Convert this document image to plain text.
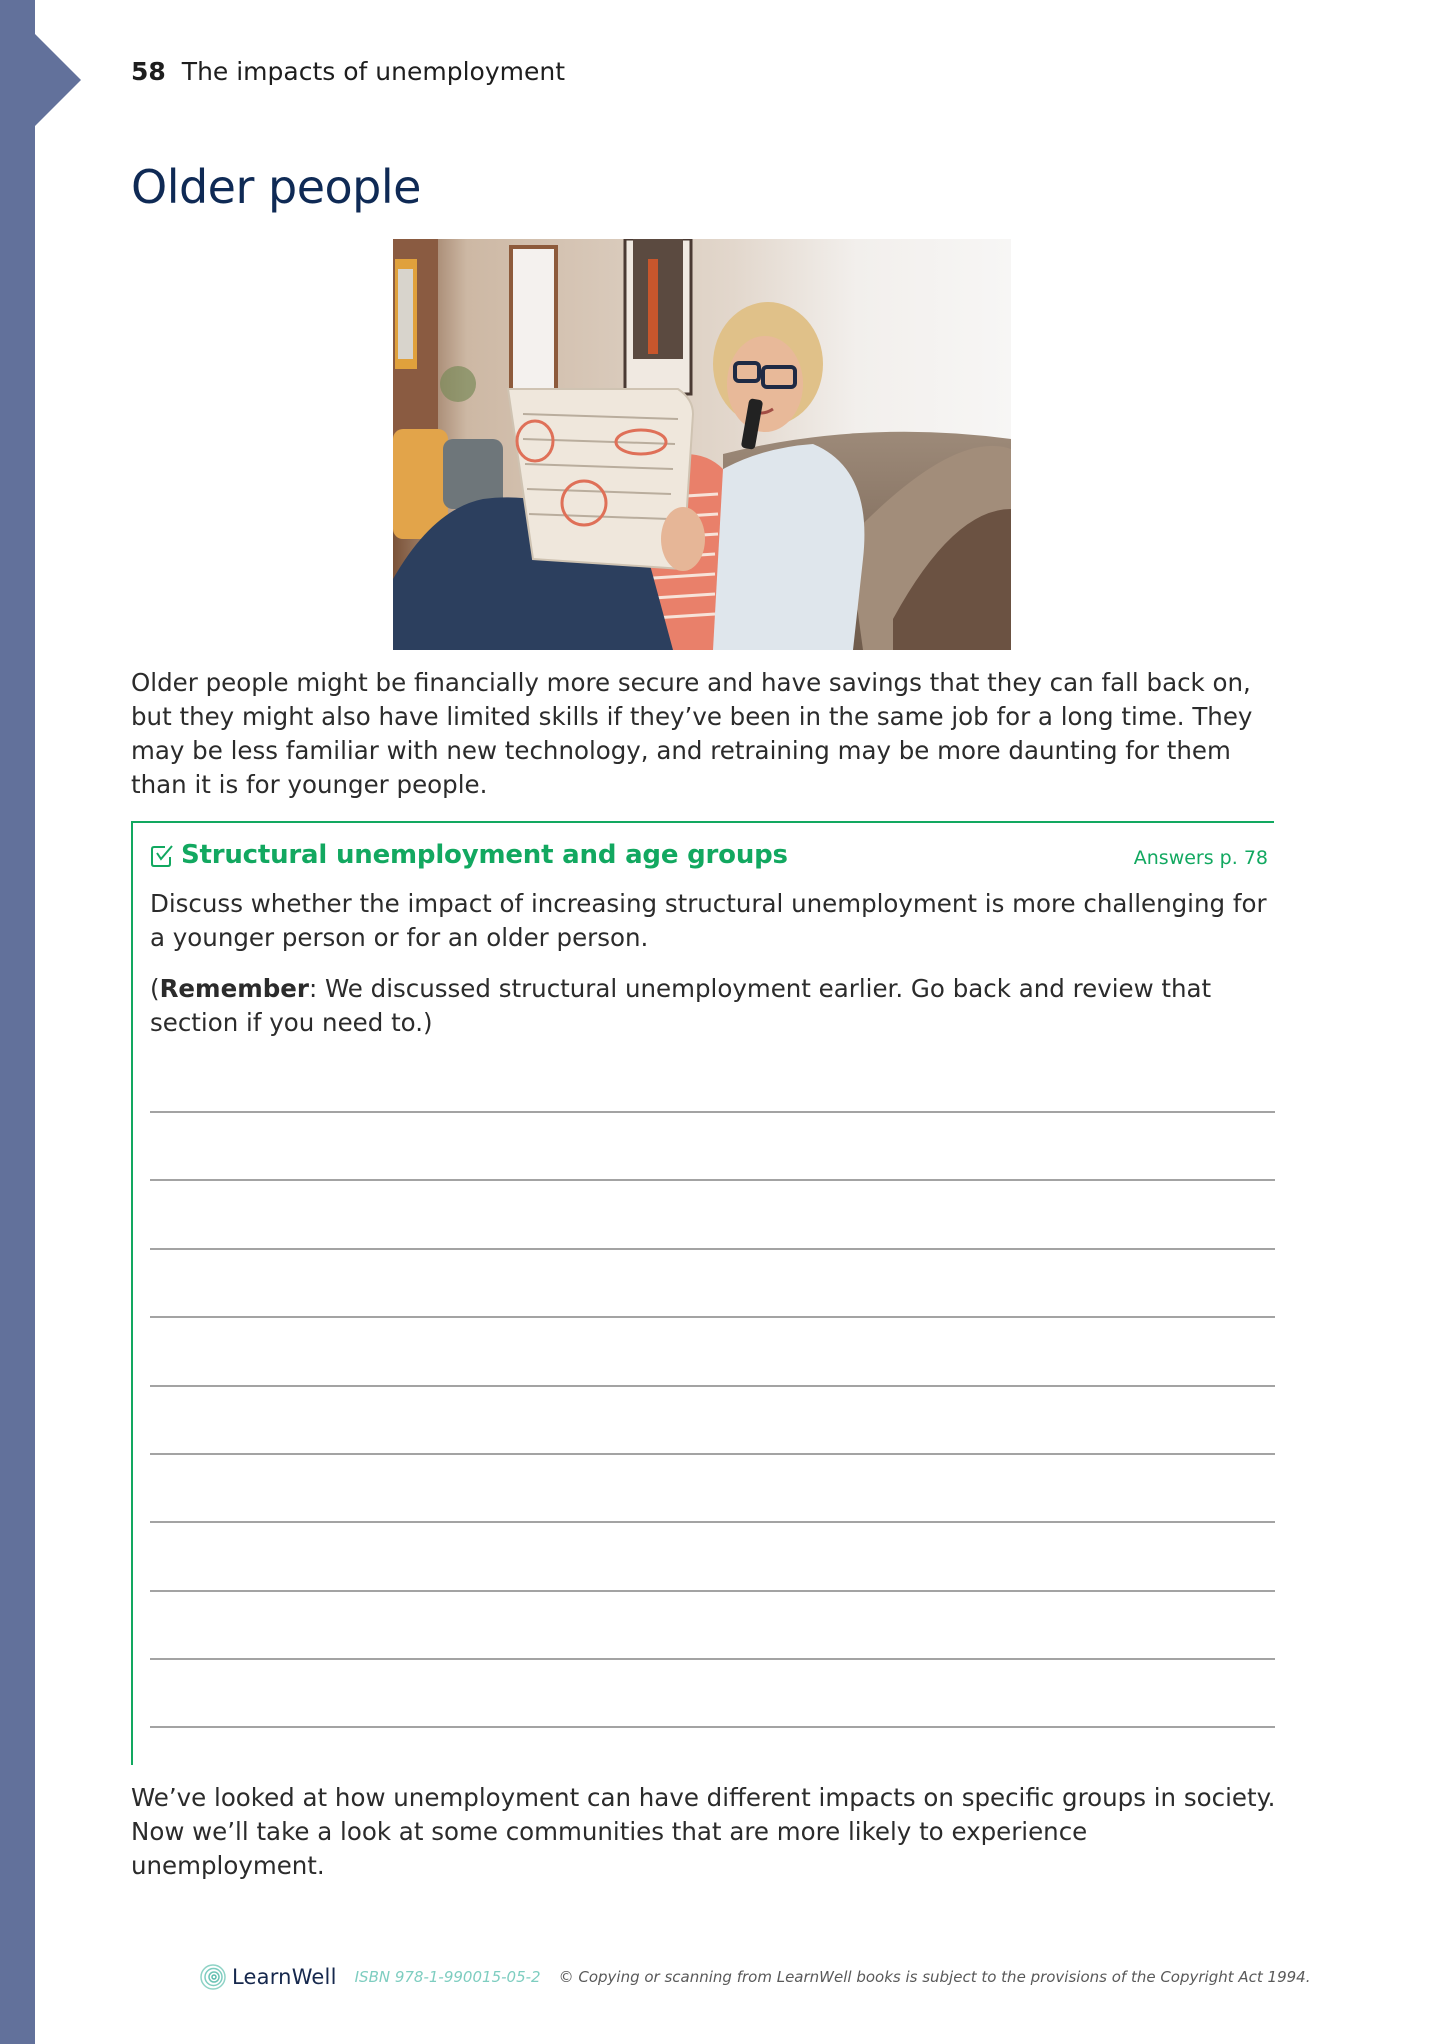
58 The impacts of unemployment
Older people

Older people might be financially more secure and have savings that they can fall back on, but they might also have limited skills if they’ve been in the same job for a long time. They may be less familiar with new technology, and retraining may be more daunting for them than it is for younger people.

Structural unemployment and age groups	Answers p. 78

Discuss whether the impact of increasing structural unemployment is more challenging for a younger person or for an older person.

(Remember: We discussed structural unemployment earlier. Go back and review that section if you need to.)

We’ve looked at how unemployment can have different impacts on specific groups in society. Now we’ll take a look at some communities that are more likely to experience unemployment.

LearnWell ISBN 978-1-990015-05-2 © Copying or scanning from LearnWell books is subject to the provisions of the Copyright Act 1994.
